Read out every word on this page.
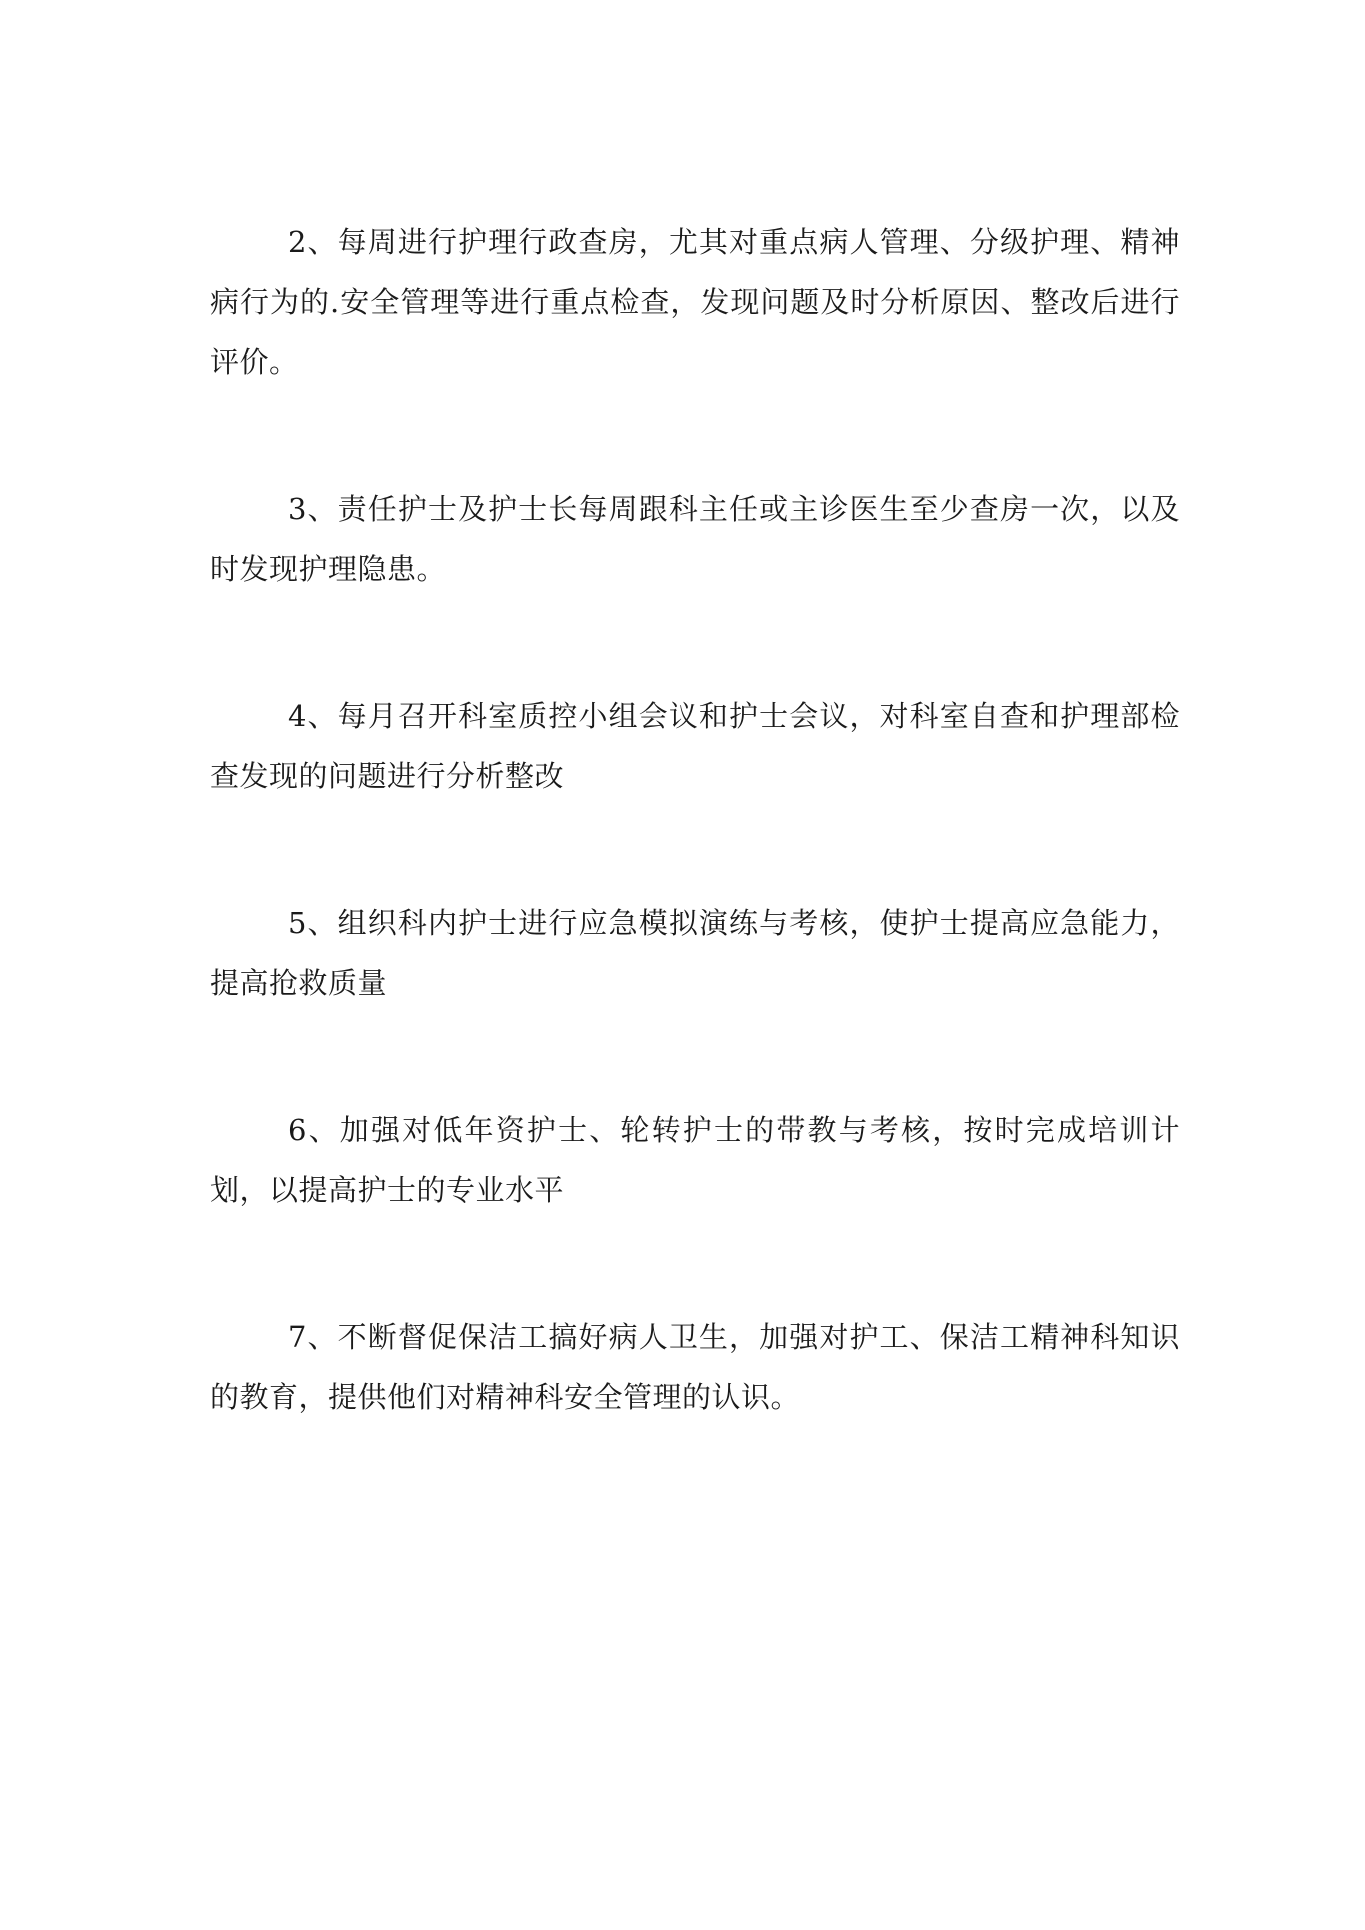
2、每周进行护理行政查房，尤其对重点病人管理、分级护理、精神病行为的.安全管理等进行重点检查，发现问题及时分析原因、整改后进行评价。

3、责任护士及护士长每周跟科主任或主诊医生至少查房一次，以及时发现护理隐患。

4、每月召开科室质控小组会议和护士会议，对科室自查和护理部检查发现的问题进行分析整改

5、组织科内护士进行应急模拟演练与考核，使护士提高应急能力，提高抢救质量

6、加强对低年资护士、轮转护士的带教与考核，按时完成培训计划，以提高护士的专业水平

7、不断督促保洁工搞好病人卫生，加强对护工、保洁工精神科知识的教育，提供他们对精神科安全管理的认识。
